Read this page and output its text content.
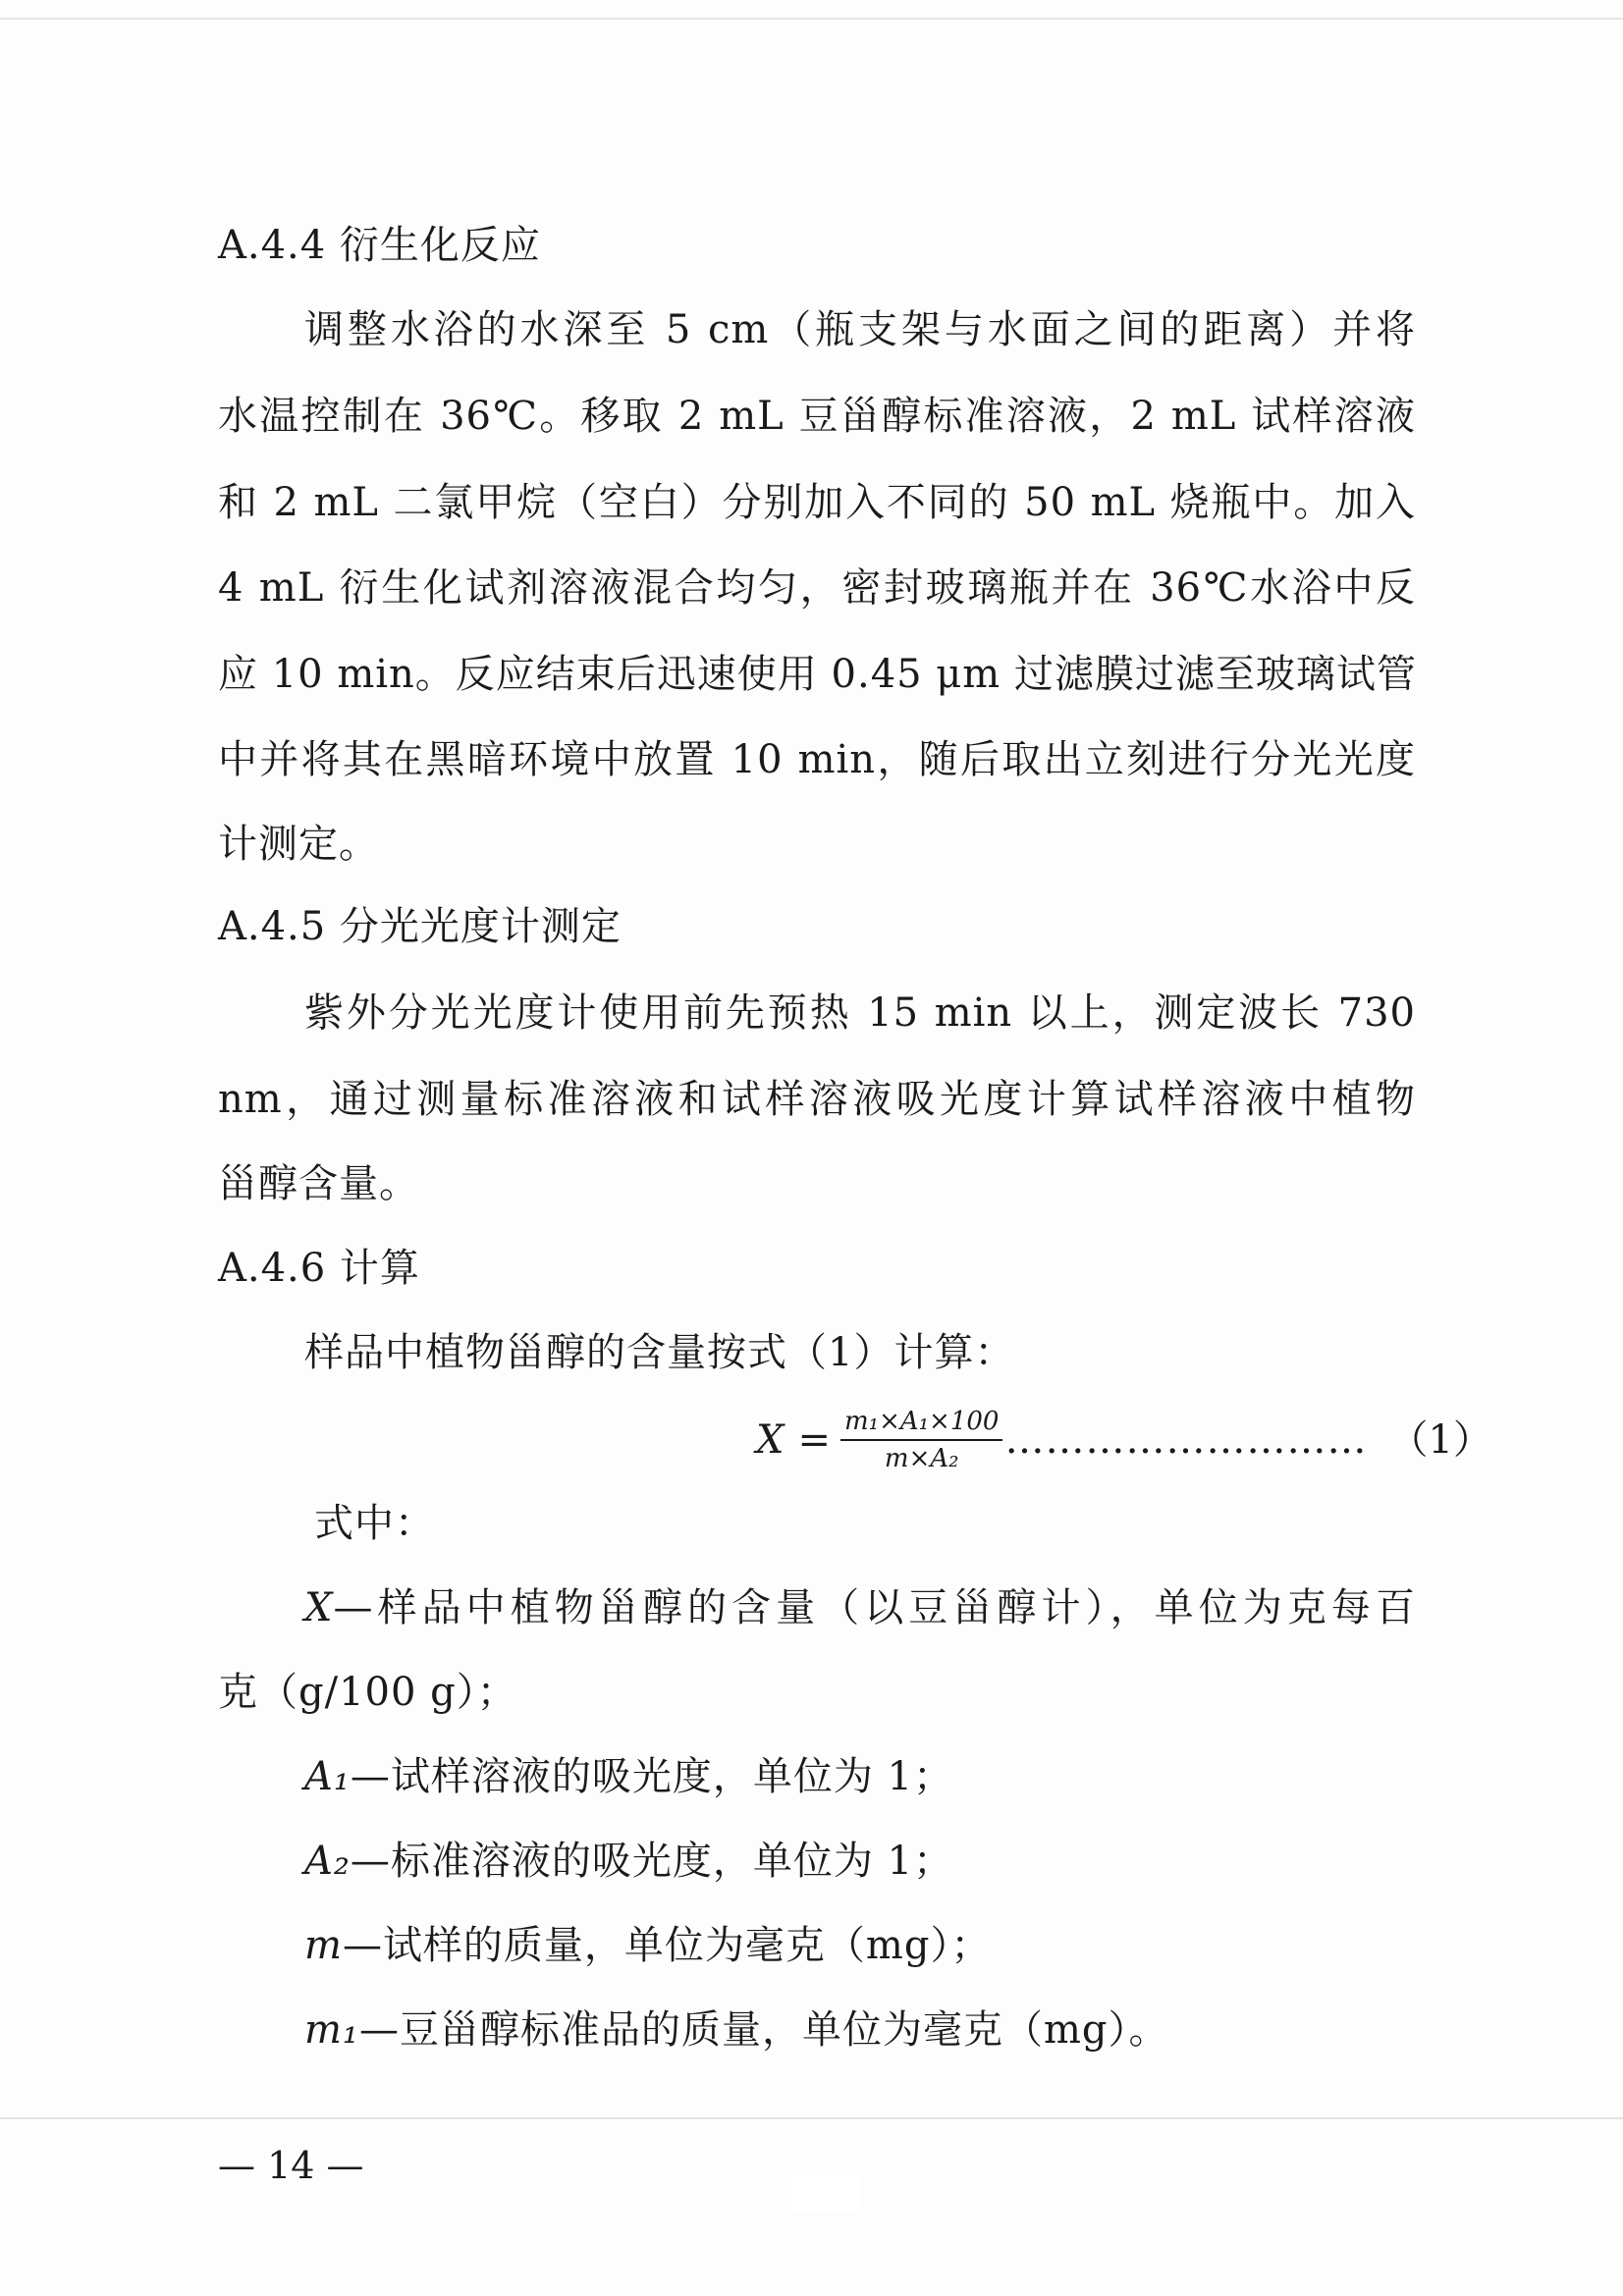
A.4.4 衍生化反应
调整水浴的水深至 5 cm（瓶支架与水面之间的距离）并将
水温控制在 36℃。移取 2 mL 豆甾醇标准溶液，2 mL 试样溶液
和 2 mL 二氯甲烷（空白）分别加入不同的 50 mL 烧瓶中。加入
4 mL 衍生化试剂溶液混合均匀，密封玻璃瓶并在 36℃水浴中反
应 10 min。反应结束后迅速使用 0.45 μm 过滤膜过滤至玻璃试管
中并将其在黑暗环境中放置 10 min，随后取出立刻进行分光光度
计测定。
A.4.5 分光光度计测定
紫外分光光度计使用前先预热 15 min 以上，测定波长 730
nm，通过测量标准溶液和试样溶液吸光度计算试样溶液中植物
甾醇含量。
A.4.6 计算
样品中植物甾醇的含量按式（1）计算：
$X = \frac{\text{m₁×A₁×100}}{\text{m×A₂}}$ ……………………… （1）
式中：
X—样品中植物甾醇的含量（以豆甾醇计），单位为克每百
克（g/100 g）；
A₁—试样溶液的吸光度，单位为 1；
A₂—标准溶液的吸光度，单位为 1；
m—试样的质量，单位为毫克（mg）；
m₁—豆甾醇标准品的质量，单位为毫克（mg）。
— 14 —
